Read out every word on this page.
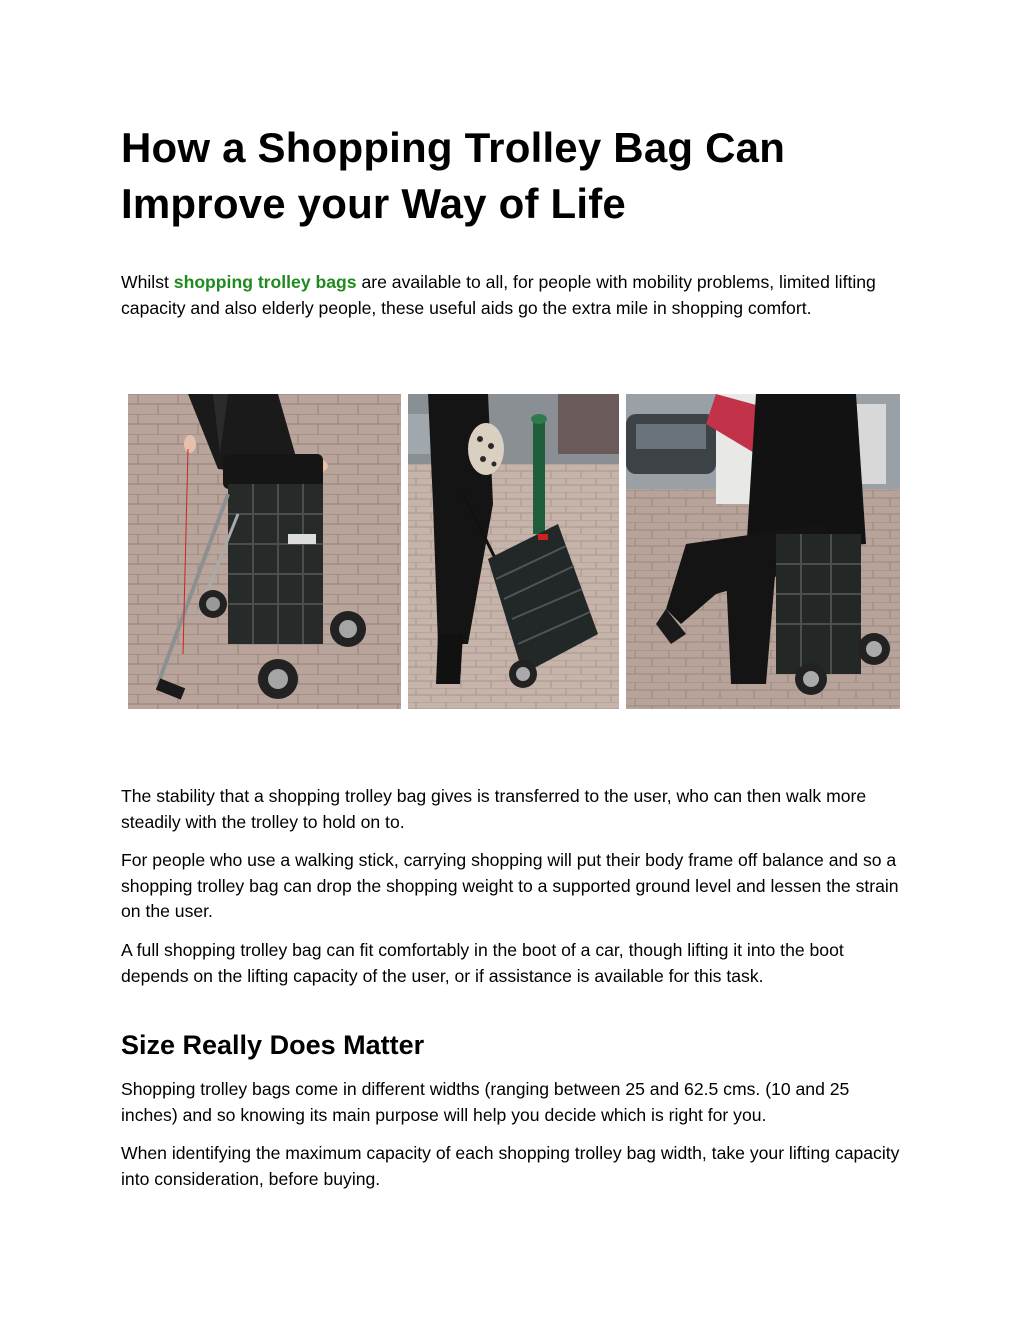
How a Shopping Trolley Bag Can Improve your Way of Life

Whilst shopping trolley bags are available to all, for people with mobility problems, limited lifting capacity and also elderly people, these useful aids go the extra mile in shopping comfort.

The stability that a shopping trolley bag gives is transferred to the user, who can then walk more steadily with the trolley to hold on to.

For people who use a walking stick, carrying shopping will put their body frame off balance and so a shopping trolley bag can drop the shopping weight to a supported ground level and lessen the strain on the user.

A full shopping trolley bag can fit comfortably in the boot of a car, though lifting it into the boot depends on the lifting capacity of the user, or if assistance is available for this task.

Size Really Does Matter

Shopping trolley bags come in different widths (ranging between 25 and 62.5 cms. (10 and 25 inches) and so knowing its main purpose will help you decide which is right for you.

When identifying the maximum capacity of each shopping trolley bag width, take your lifting capacity into consideration, before buying.
